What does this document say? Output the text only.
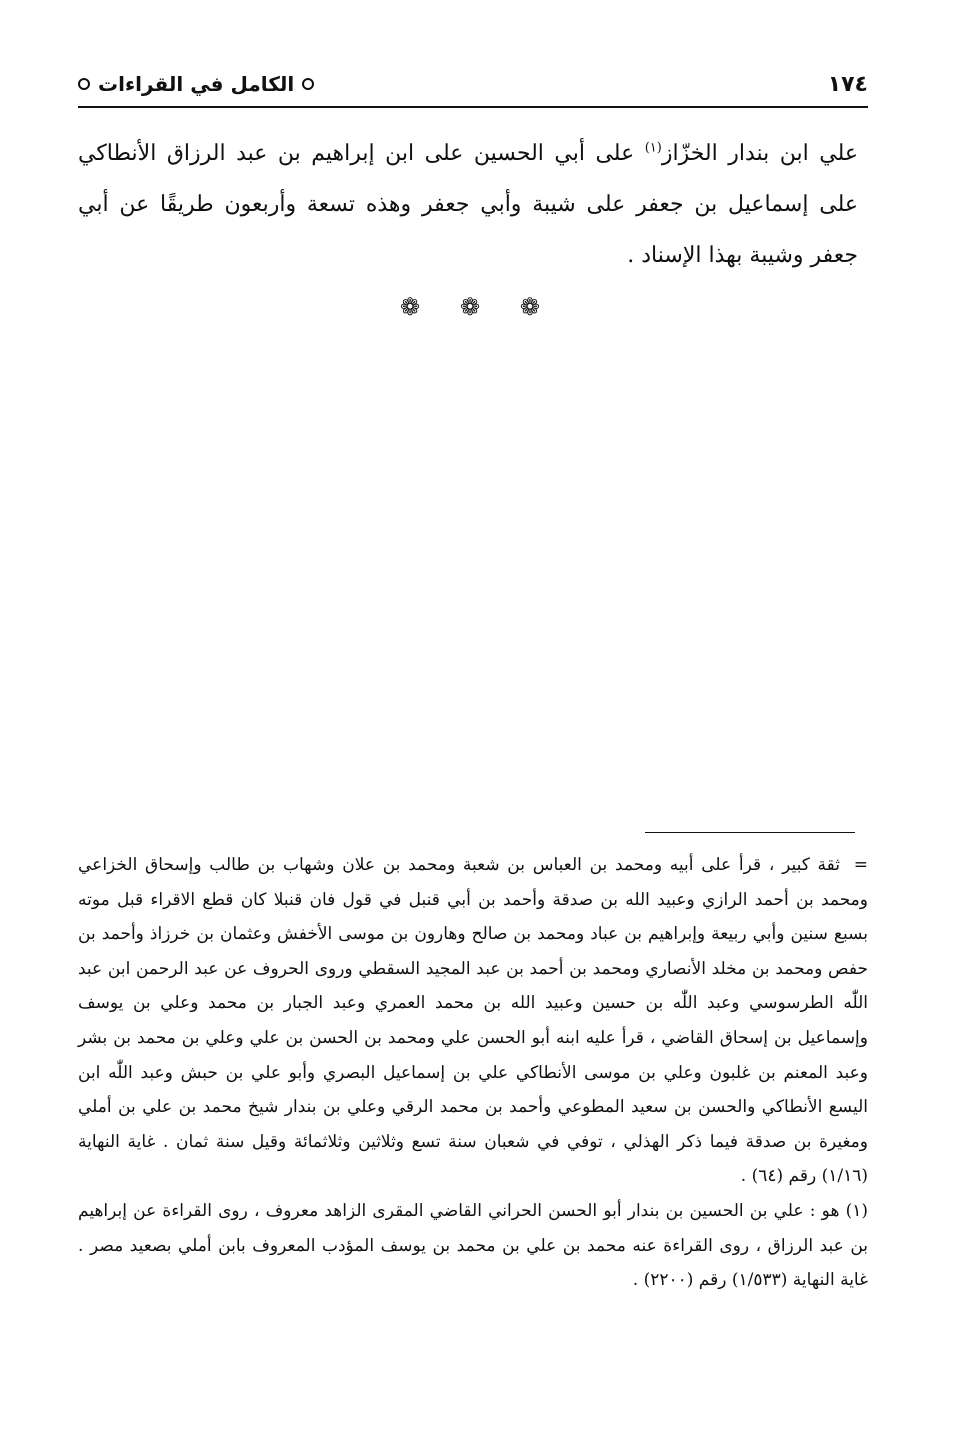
الكامل في القراءات	١٧٤
علي ابن بندار الخزّاز$^{(١)}$ على أبي الحسين على ابن إبراهيم بن عبد الرزاق الأنطاكي على إسماعيل بن جعفر على شيبة وأبي جعفر وهذه تسعة وأربعون طريقًا عن أبي جعفر وشيبة بهذا الإسناد .
❁ ❁ ❁

=ثقة كبير ، قرأ على أبيه ومحمد بن العباس بن شعبة ومحمد بن علان وشهاب بن طالب وإسحاق الخزاعي ومحمد بن أحمد الرازي وعبيد الله بن صدقة وأحمد بن أبي قنبل في قول فان قنبلا كان قطع الاقراء قبل موته بسبع سنين وأبي ربيعة وإبراهيم بن عباد ومحمد بن صالح وهارون بن موسى الأخفش وعثمان بن خرزاذ وأحمد بن حفص ومحمد بن مخلد الأنصاري ومحمد بن أحمد بن عبد المجيد السقطي وروى الحروف عن عبد الرحمن ابن عبد اللّٰه الطرسوسي وعبد اللّٰه بن حسين وعبيد الله بن محمد العمري وعبد الجبار بن محمد وعلي بن يوسف وإسماعيل بن إسحاق القاضي ، قرأ عليه ابنه أبو الحسن علي ومحمد بن الحسن بن علي وعلي بن محمد بن بشر وعبد المعنم بن غلبون وعلي بن موسى الأنطاكي علي بن إسماعيل البصري وأبو علي بن حبش وعبد اللّٰه ابن اليسع الأنطاكي والحسن بن سعيد المطوعي وأحمد بن محمد الرقي وعلي بن بندار شيخ محمد بن علي بن أملي ومغيرة بن صدقة فيما ذكر الهذلي ، توفي في شعبان سنة تسع وثلاثين وثلاثمائة وقيل سنة ثمان . غاية النهاية (١/١٦) رقم (٦٤) .

(١) هو : علي بن الحسين بن بندار أبو الحسن الحراني القاضي المقرى الزاهد معروف ، روى القراءة عن إبراهيم بن عبد الرزاق ، روى القراءة عنه محمد بن علي بن محمد بن يوسف المؤدب المعروف بابن أملي بصعيد مصر . غاية النهاية (١/٥٣٣) رقم (٢٢٠٠) .
